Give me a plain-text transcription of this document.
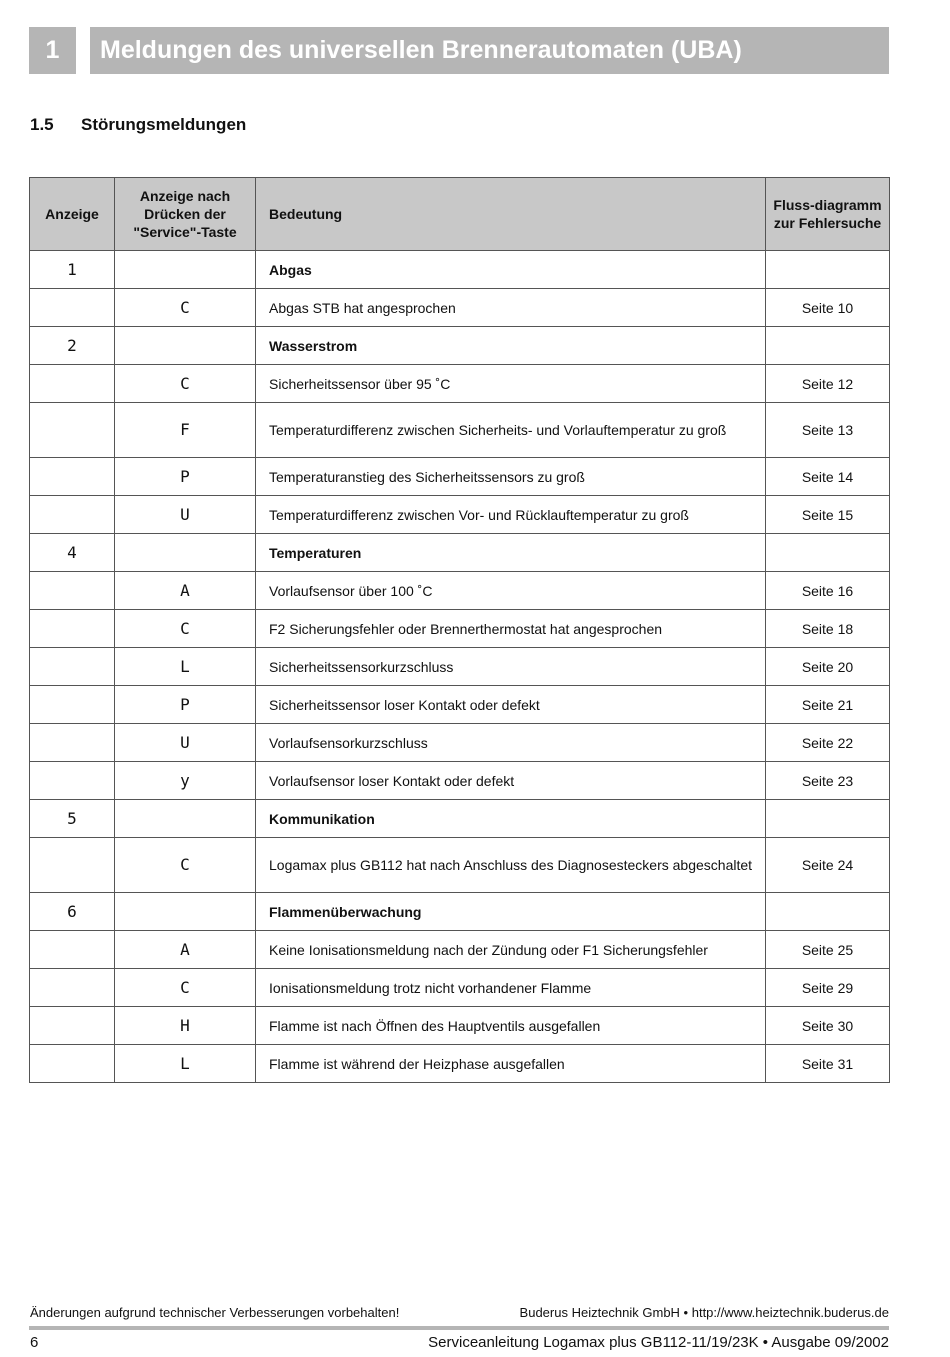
1	Meldungen des universellen Brennerautomaten (UBA)
1.5 Störungsmeldungen
Anzeige	Anzeige nach Drücken der "Service"-Taste	Bedeutung	Fluss-diagramm zur Fehlersuche
1		Abgas	
	C	Abgas STB hat angesprochen	Seite 10
2		Wasserstrom	
	C	Sicherheitssensor über 95 ˚C	Seite 12
	F	Temperaturdifferenz zwischen Sicherheits- und Vorlauftemperatur zu groß	Seite 13
	P	Temperaturanstieg des Sicherheitssensors zu groß	Seite 14
	U	Temperaturdifferenz zwischen Vor- und Rücklauftemperatur zu groß	Seite 15
4		Temperaturen	
	A	Vorlaufsensor über 100 ˚C	Seite 16
	C	F2 Sicherungsfehler oder Brennerthermostat hat angesprochen	Seite 18
	L	Sicherheitssensorkurzschluss	Seite 20
	P	Sicherheitssensor loser Kontakt oder defekt	Seite 21
	U	Vorlaufsensorkurzschluss	Seite 22
	y	Vorlaufsensor loser Kontakt oder defekt	Seite 23
5		Kommunikation	
	C	Logamax plus GB112 hat nach Anschluss des Diagnosesteckers abgeschaltet	Seite 24
6		Flammenüberwachung	
	A	Keine Ionisationsmeldung nach der Zündung oder F1 Sicherungsfehler	Seite 25
	C	Ionisationsmeldung trotz nicht vorhandener Flamme	Seite 29
	H	Flamme ist nach Öffnen des Hauptventils ausgefallen	Seite 30
	L	Flamme ist während der Heizphase ausgefallen	Seite 31
Änderungen aufgrund technischer Verbesserungen vorbehalten!	Buderus Heiztechnik GmbH • http://www.heiztechnik.buderus.de
6	Serviceanleitung Logamax plus GB112-11/19/23K • Ausgabe 09/2002
